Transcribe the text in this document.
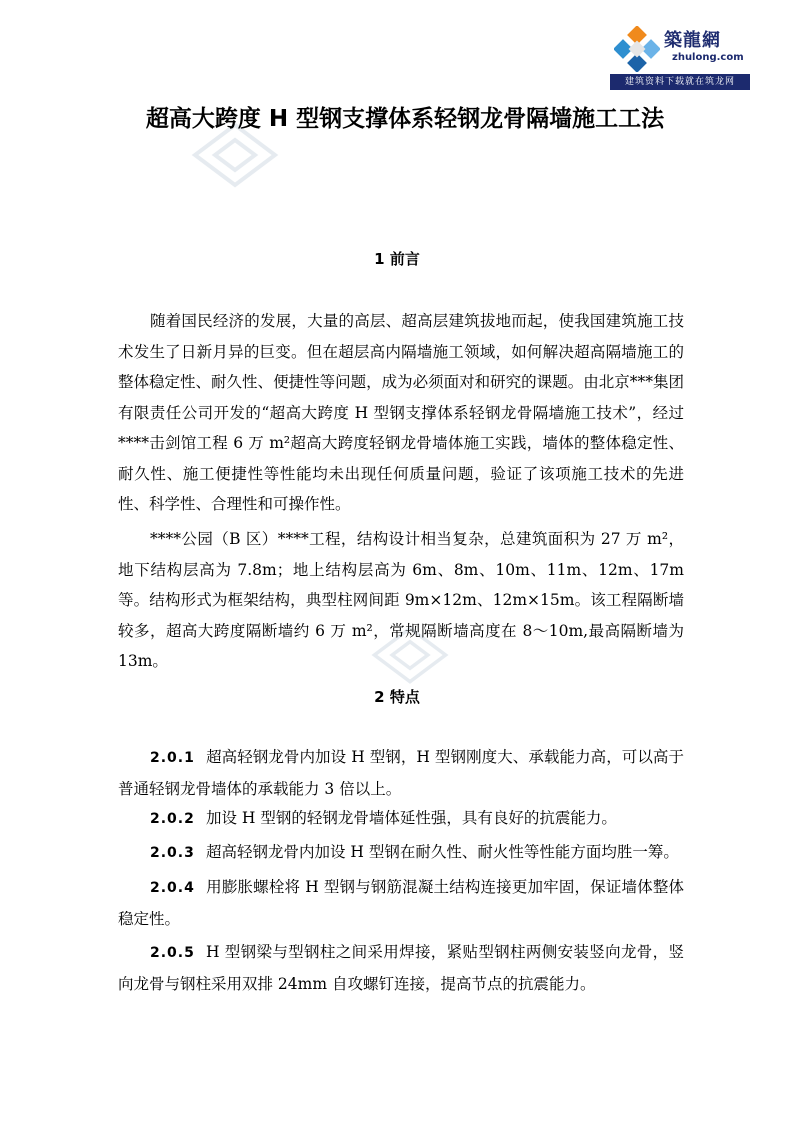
築龍網
zhulong.com
建筑资料下载就在筑龙网
超高大跨度 H 型钢支撑体系轻钢龙骨隔墙施工工法
1 前言

随着国民经济的发展，大量的高层、超高层建筑拔地而起，使我国建筑施工技术发生了日新月异的巨变。但在超层高内隔墙施工领域，如何解决超高隔墙施工的整体稳定性、耐久性、便捷性等问题，成为必须面对和研究的课题。由北京***集团有限责任公司开发的“超高大跨度 H 型钢支撑体系轻钢龙骨隔墙施工技术”，经过****击剑馆工程 6 万 m²超高大跨度轻钢龙骨墙体施工实践，墙体的整体稳定性、耐久性、施工便捷性等性能均未出现任何质量问题，验证了该项施工技术的先进性、科学性、合理性和可操作性。

****公园（B 区）****工程，结构设计相当复杂，总建筑面积为 27 万 m²，地下结构层高为 7.8m；地上结构层高为 6m、8m、10m、11m、12m、17m 等。结构形式为框架结构，典型柱网间距 9m×12m、12m×15m。该工程隔断墙较多，超高大跨度隔断墙约 6 万 m²，常规隔断墙高度在 8～10m,最高隔断墙为 13m。

2 特点

2.0.1 超高轻钢龙骨内加设 H 型钢，H 型钢刚度大、承载能力高，可以高于普通轻钢龙骨墙体的承载能力 3 倍以上。

2.0.2 加设 H 型钢的轻钢龙骨墙体延性强，具有良好的抗震能力。

2.0.3 超高轻钢龙骨内加设 H 型钢在耐久性、耐火性等性能方面均胜一筹。

2.0.4 用膨胀螺栓将 H 型钢与钢筋混凝土结构连接更加牢固，保证墙体整体稳定性。

2.0.5 H 型钢梁与型钢柱之间采用焊接，紧贴型钢柱两侧安装竖向龙骨，竖向龙骨与钢柱采用双排 24mm 自攻螺钉连接，提高节点的抗震能力。
